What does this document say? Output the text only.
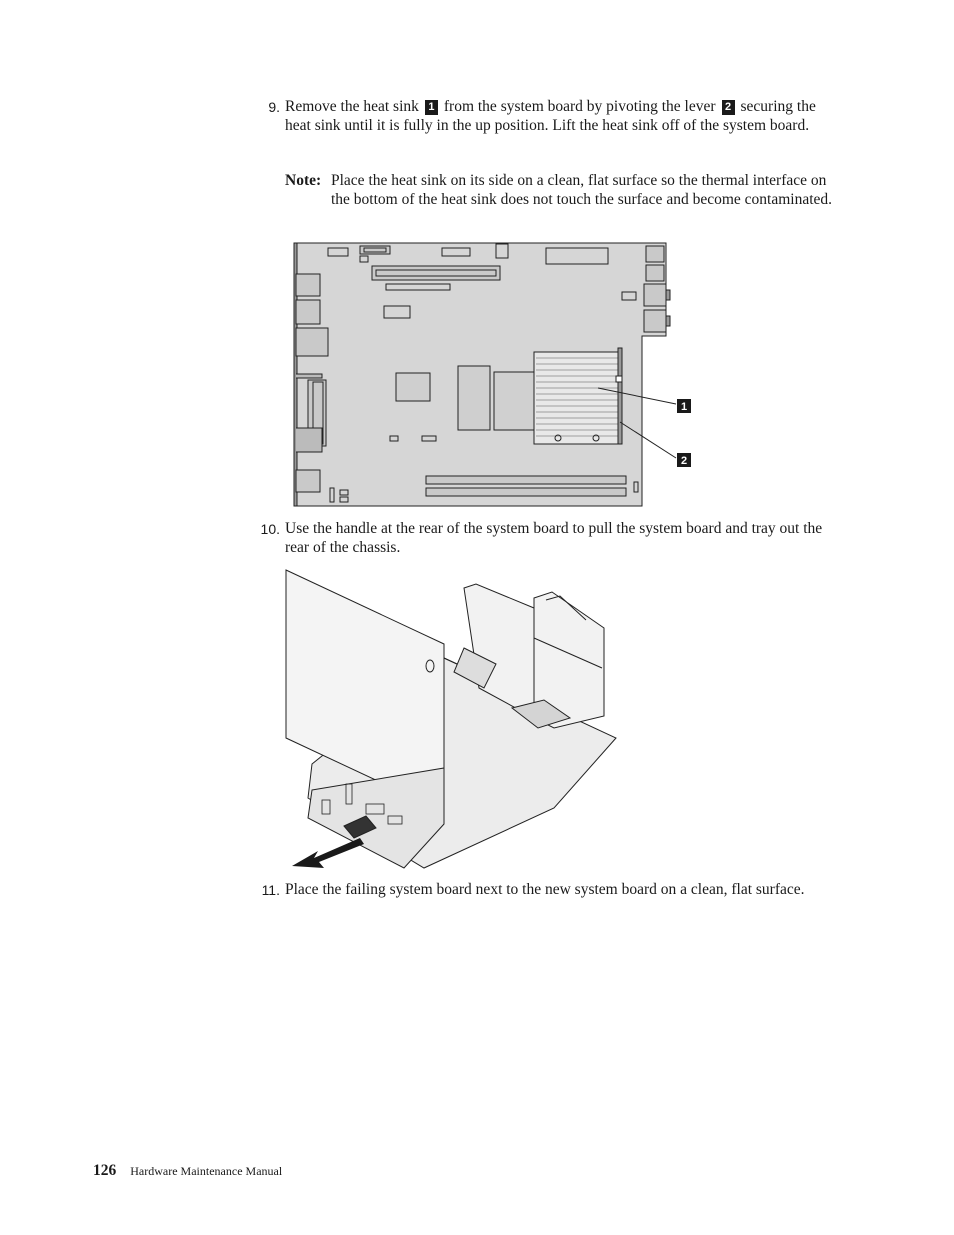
9. Remove the heat sink 1 from the system board by pivoting the lever 2 securing the heat sink until it is fully in the up position. Lift the heat sink off of the system board.
Note: Place the heat sink on its side on a clean, flat surface so the thermal interface on the bottom of the heat sink does not touch the surface and become contaminated.
1
2
10. Use the handle at the rear of the system board to pull the system board and tray out the rear of the chassis.
11. Place the failing system board next to the new system board on a clean, flat surface.
126 Hardware Maintenance Manual
